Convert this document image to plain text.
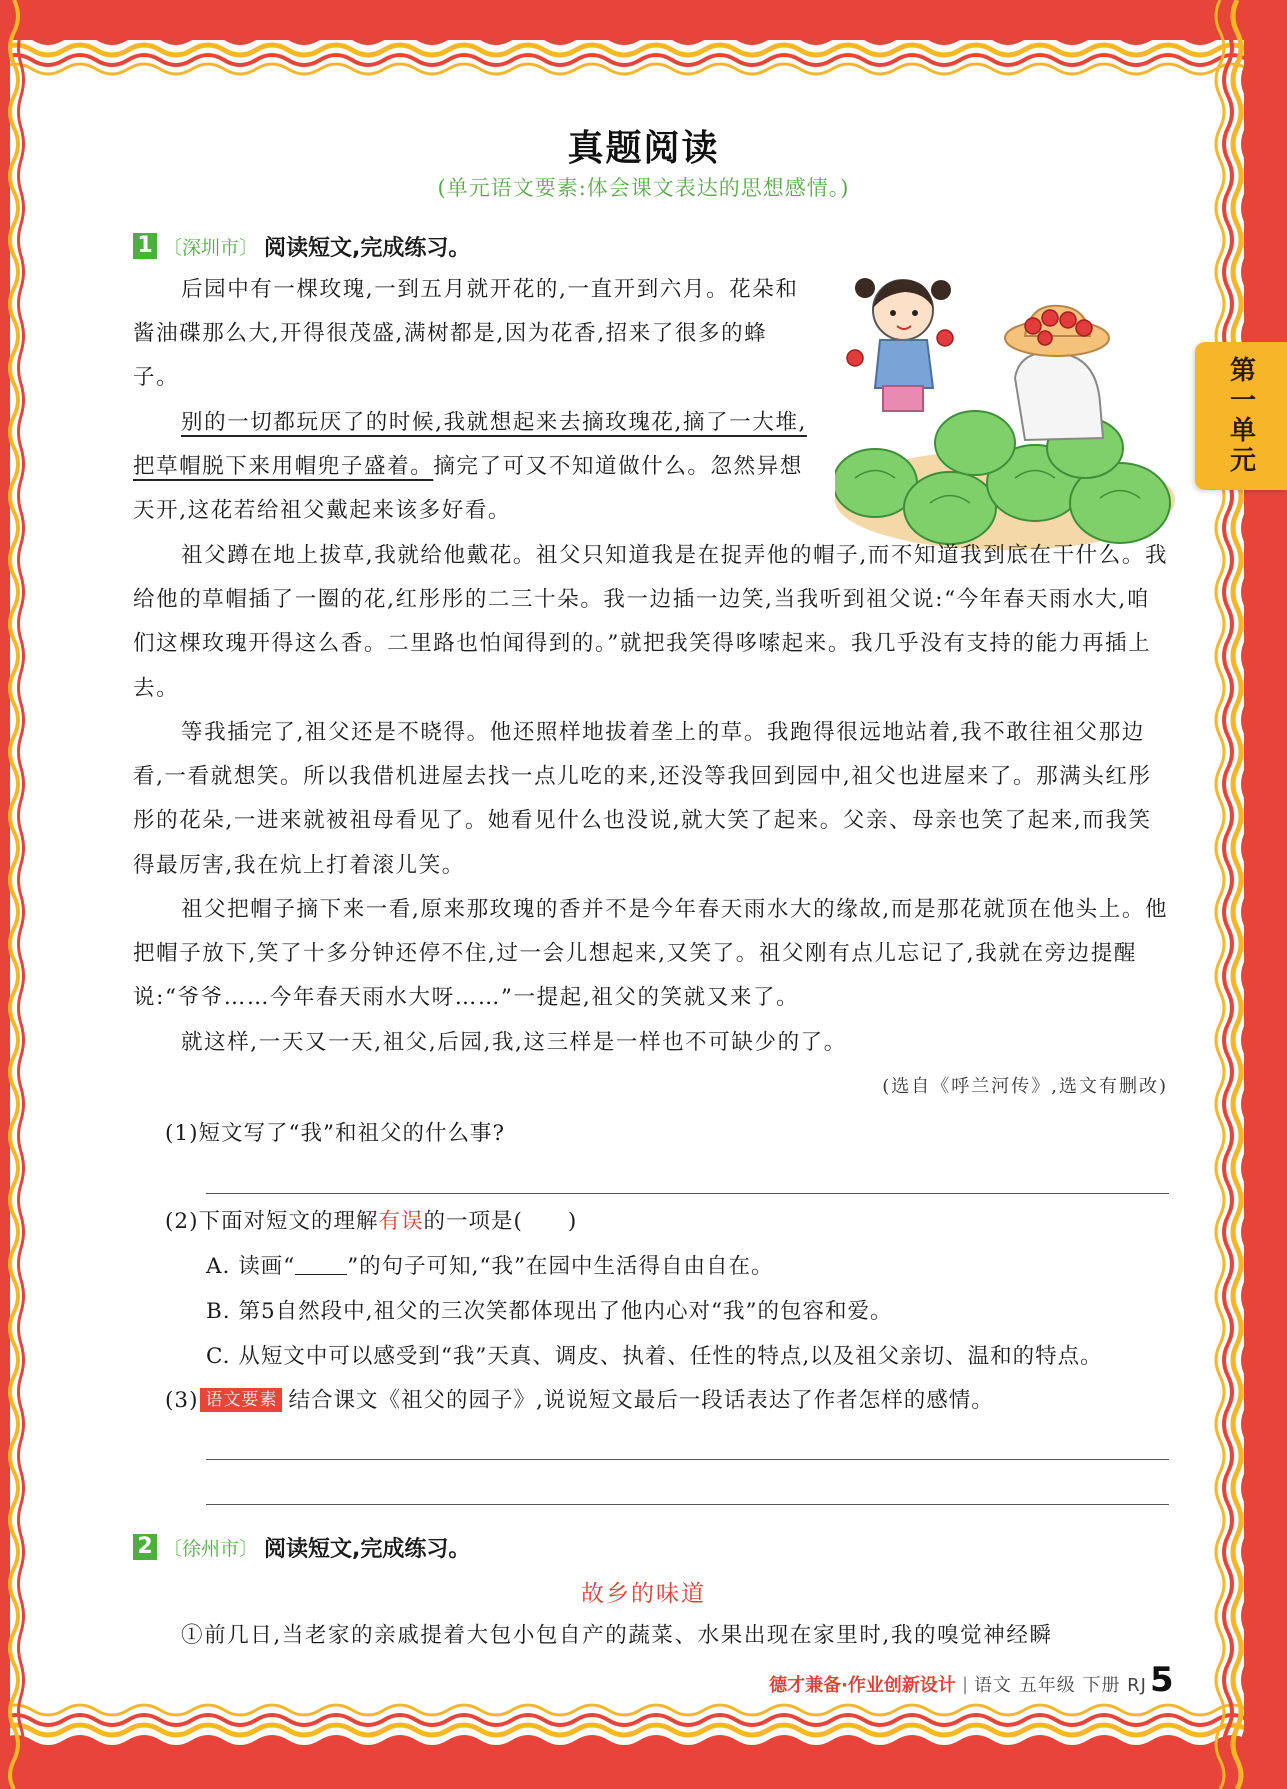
第一单元
真题阅读
(单元语文要素:体会课文表达的思想感情。)
1 〔深圳市〕 阅读短文,完成练习。

后园中有一棵玫瑰,一到五月就开花的,一直开到六月。花朵和酱油碟那么大,开得很茂盛,满树都是,因为花香,招来了很多的蜂子。

别的一切都玩厌了的时候,我就想起来去摘玫瑰花,摘了一大堆,把草帽脱下来用帽兜子盛着。摘完了可又不知道做什么。忽然异想天开,这花若给祖父戴起来该多好看。

祖父蹲在地上拔草,我就给他戴花。祖父只知道我是在捉弄他的帽子,而不知道我到底在干什么。我给他的草帽插了一圈的花,红彤彤的二三十朵。我一边插一边笑,当我听到祖父说:“今年春天雨水大,咱们这棵玫瑰开得这么香。二里路也怕闻得到的。”就把我笑得哆嗦起来。我几乎没有支持的能力再插上去。

等我插完了,祖父还是不晓得。他还照样地拔着垄上的草。我跑得很远地站着,我不敢往祖父那边看,一看就想笑。所以我借机进屋去找一点儿吃的来,还没等我回到园中,祖父也进屋来了。那满头红彤彤的花朵,一进来就被祖母看见了。她看见什么也没说,就大笑了起来。父亲、母亲也笑了起来,而我笑得最厉害,我在炕上打着滚儿笑。

祖父把帽子摘下来一看,原来那玫瑰的香并不是今年春天雨水大的缘故,而是那花就顶在他头上。他把帽子放下,笑了十多分钟还停不住,过一会儿想起来,又笑了。祖父刚有点儿忘记了,我就在旁边提醒说:“爷爷……今年春天雨水大呀……”一提起,祖父的笑就又来了。

就这样,一天又一天,祖父,后园,我,这三样是一样也不可缺少的了。

(选自《呼兰河传》,选文有删改)
(1)短文写了“我”和祖父的什么事?
(2)下面对短文的理解有误的一项是(　　)
A. 读画“ ”的句子可知,“我”在园中生活得自由自在。
B. 第5自然段中,祖父的三次笑都体现出了他内心对“我”的包容和爱。
C. 从短文中可以感受到“我”天真、调皮、执着、任性的特点,以及祖父亲切、温和的特点。
(3) 语文要素 结合课文《祖父的园子》,说说短文最后一段话表达了作者怎样的感情。
2 〔徐州市〕 阅读短文,完成练习。
故乡的味道

①前几日,当老家的亲戚提着大包小包自产的蔬菜、水果出现在家里时,我的嗅觉神经瞬

德才兼备·作业创新设计 | 语文 五年级 下册 RJ 5
